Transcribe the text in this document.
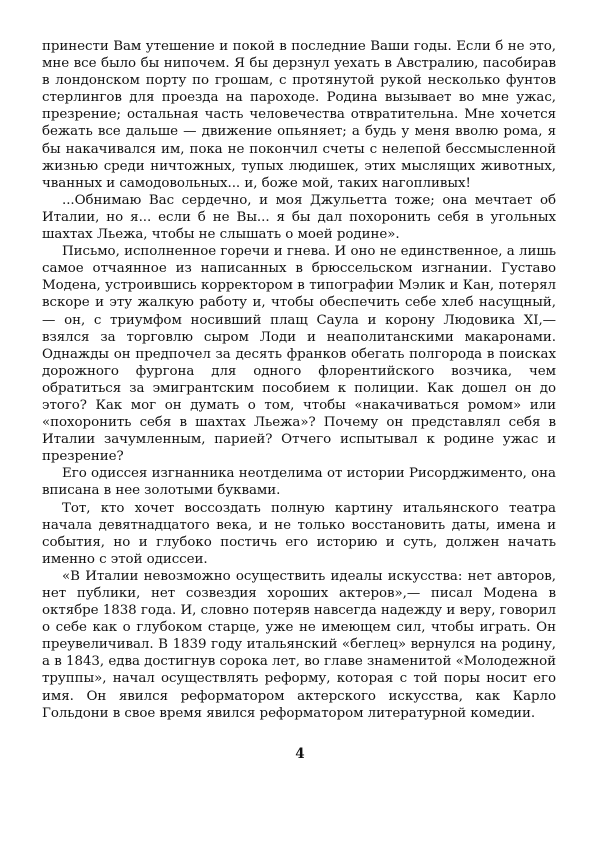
принести Вам утешение и покой в последние Ваши годы. Если б не это, мне все было бы нипочем. Я бы дерзнул уехать в Австралию, пасобирав в лондонском порту по грошам, с протянутой рукой несколько фунтов стерлингов для проезда на пароходе. Родина вызывает во мне ужас, презрение; остальная часть человечества отвратительна. Мне хочется бежать все дальше — движение опьяняет; а будь у меня вволю рома, я бы накачивался им, пока не покончил счеты с нелепой бессмысленной жизнью среди ничтожных, тупых людишек, этих мыслящих животных, чванных и самодовольных... и, боже мой, таких нагопливых!

...Обнимаю Вас сердечно, и моя Джульетта тоже; она мечтает об Италии, но я... если б не Вы... я бы дал похоронить себя в угольных шахтах Льежа, чтобы не слышать о моей родине».

Письмо, исполненное горечи и гнева. И оно не единственное, а лишь самое отчаянное из написанных в брюссельском изгнании. Густаво Модена, устроившись корректором в типографии Мэлик и Кан, потерял вскоре и эту жалкую работу и, чтобы обеспечить себе хлеб насущный,— он, с триумфом носивший плащ Саула и корону Людовика XI,— взялся за торговлю сыром Лоди и неаполитанскими макаронами. Однажды он предпочел за десять франков обегать полгорода в поисках дорожного фургона для одного флорентийского возчика, чем обратиться за эмигрантским пособием к полиции. Как дошел он до этого? Как мог он думать о том, чтобы «накачиваться ромом» или «похоронить себя в шахтах Льежа»? Почему он представлял себя в Италии зачумленным, парией? Отчего испытывал к родине ужас и презрение?

Его одиссея изгнанника неотделима от истории Рисорджименто, она вписана в нее золотыми буквами.

Тот, кто хочет воссоздать полную картину итальянского театра начала девятнадцатого века, и не только восстановить даты, имена и события, но и глубоко постичь его историю и суть, должен начать именно с этой одиссеи.

«В Италии невозможно осуществить идеалы искусства: нет авторов, нет публики, нет созвездия хороших актеров»,— писал Модена в октябре 1838 года. И, словно потеряв навсегда надежду и веру, говорил о себе как о глубоком старце, уже не имеющем сил, чтобы играть. Он преувеличивал. В 1839 году итальянский «беглец» вернулся на родину, а в 1843, едва достигнув сорока лет, во главе знаменитой «Молодежной труппы», начал осуществлять реформу, которая с той поры носит его имя. Он явился реформатором актерского искусства, как Карло Гольдони в свое время явился реформатором литературной комедии.

4
